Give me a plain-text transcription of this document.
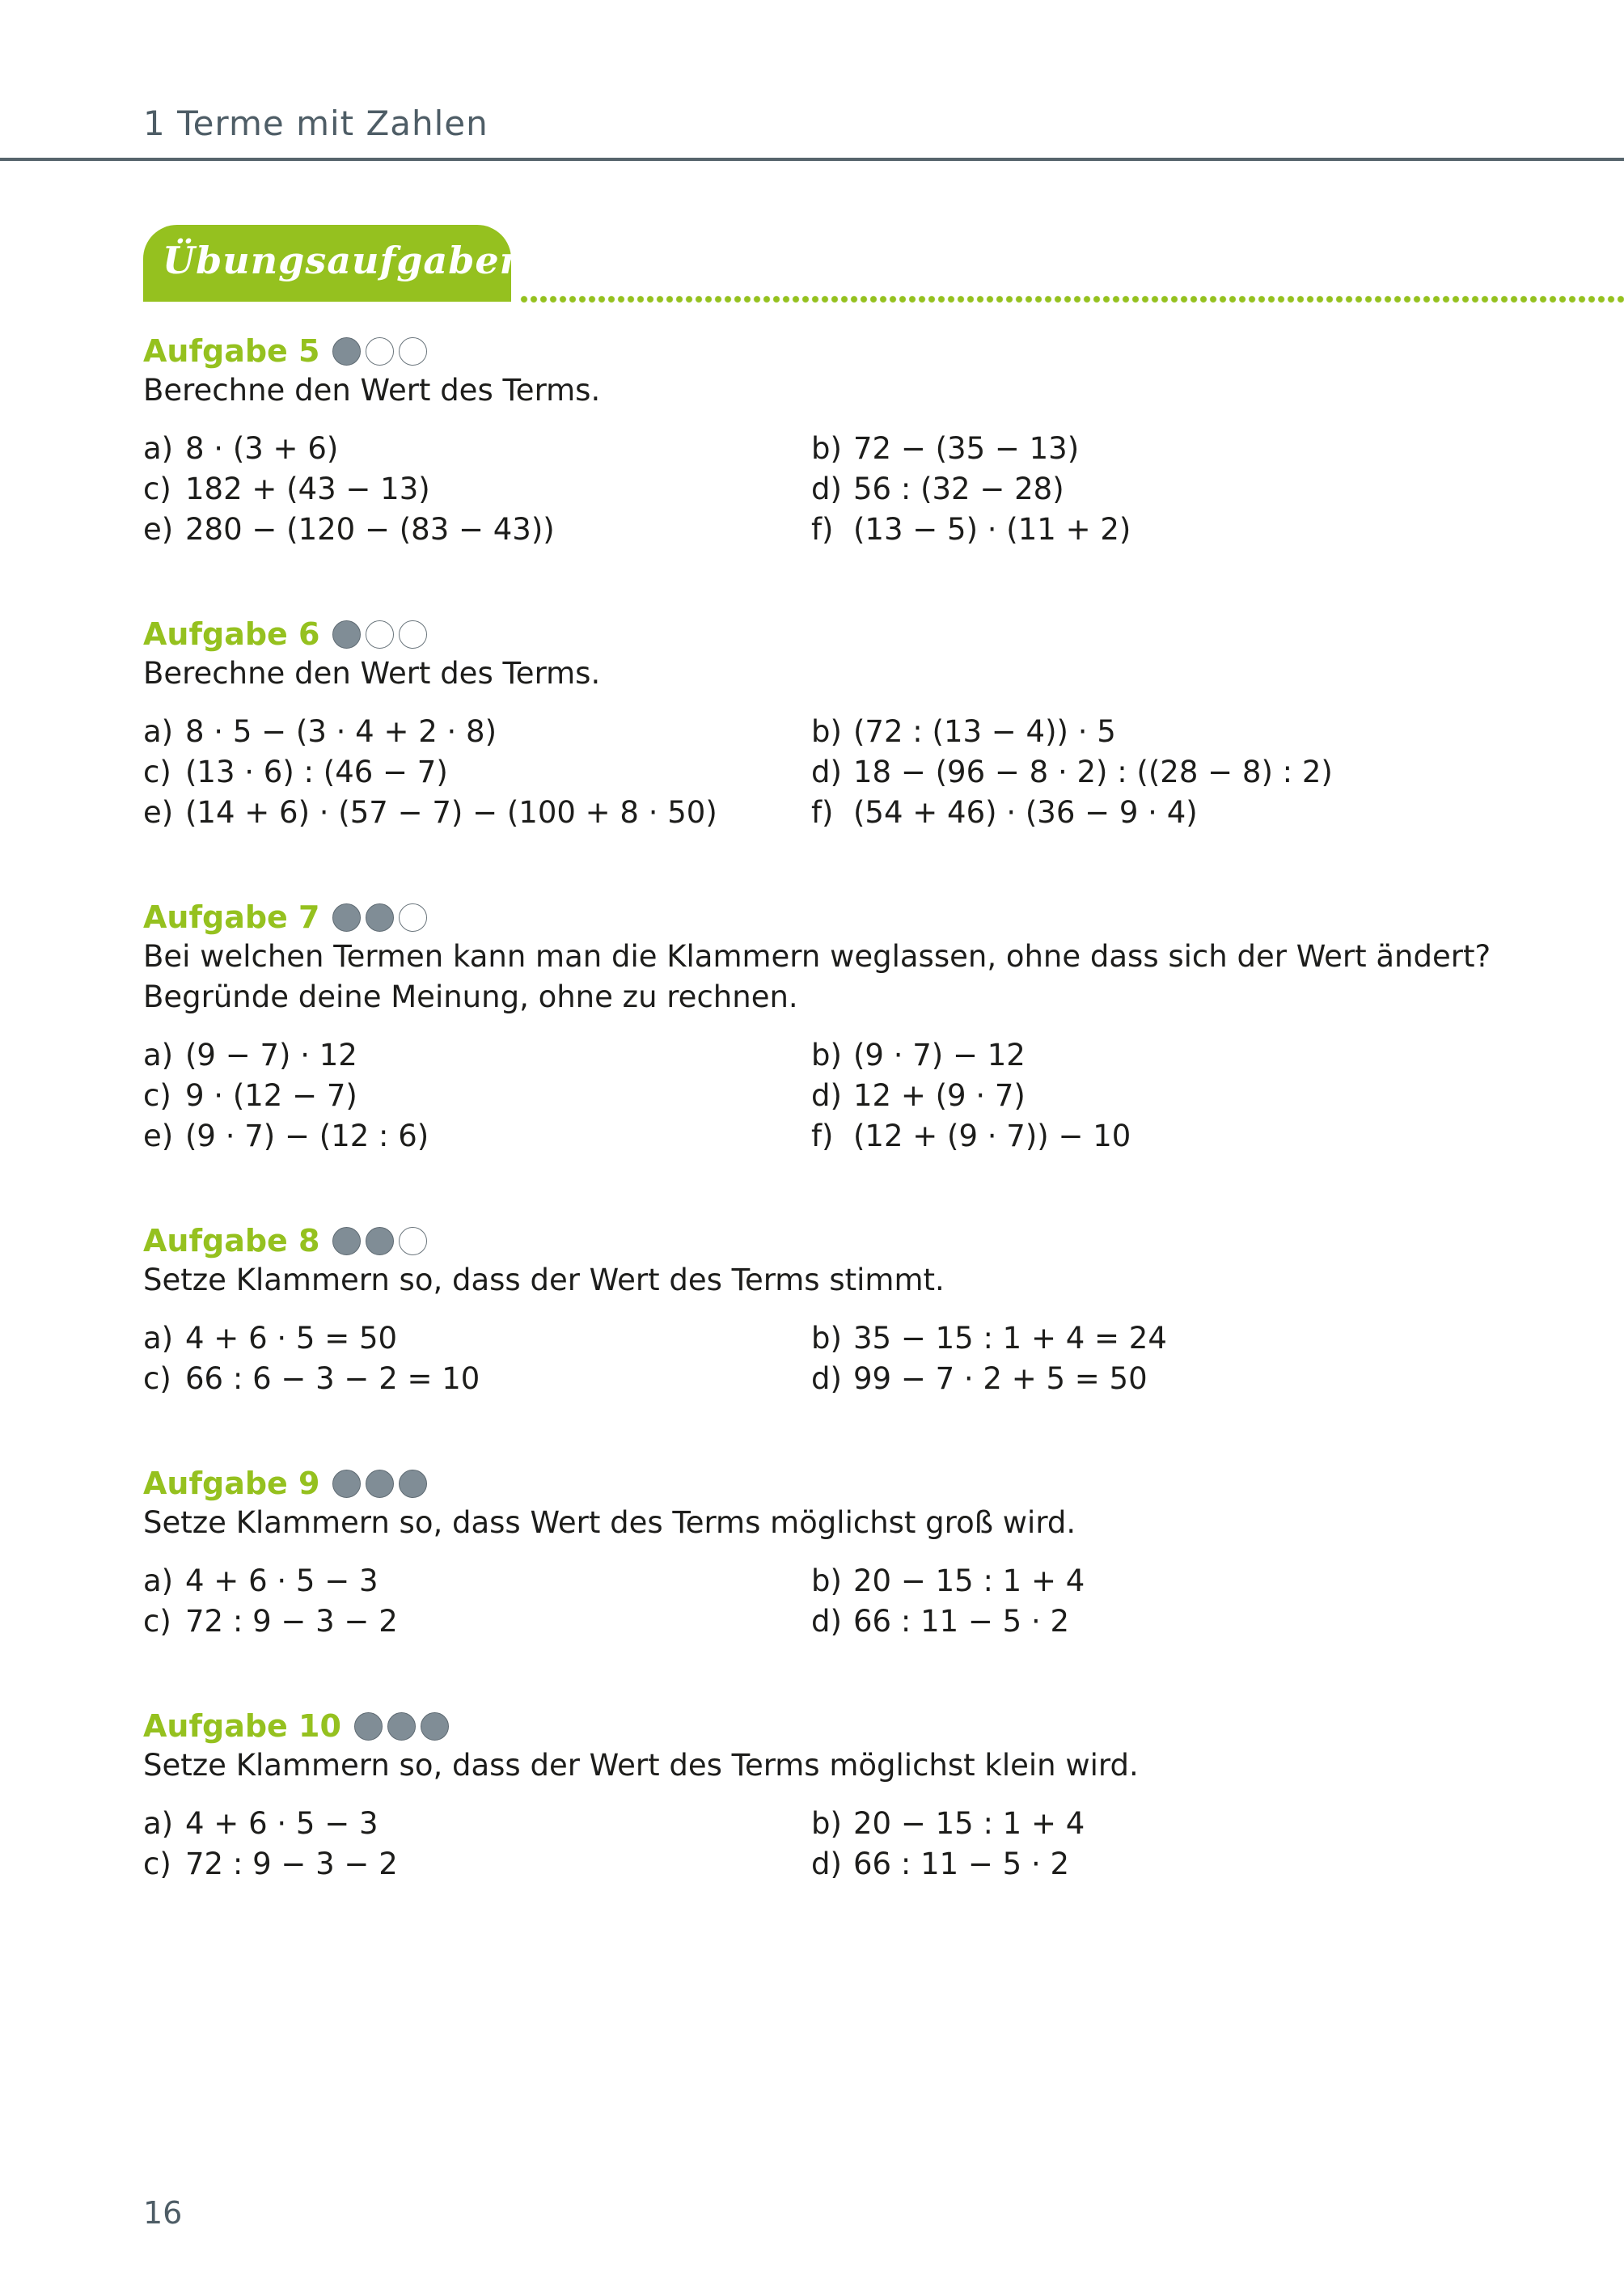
1 Terme mit Zahlen
Übungsaufgaben
Aufgabe 5
Berechne den Wert des Terms.
a) 8 · (3 + 6)	b) 72 − (35 − 13)
c) 182 + (43 − 13)	d) 56 : (32 − 28)
e) 280 − (120 − (83 − 43))	f) (13 − 5) · (11 + 2)
Aufgabe 6
Berechne den Wert des Terms.
a) 8 · 5 − (3 · 4 + 2 · 8)	b) (72 : (13 − 4)) · 5
c) (13 · 6) : (46 − 7)	d) 18 − (96 − 8 · 2) : ((28 − 8) : 2)
e) (14 + 6) · (57 − 7) − (100 + 8 · 50)	f) (54 + 46) · (36 − 9 · 4)
Aufgabe 7
Bei welchen Termen kann man die Klammern weglassen, ohne dass sich der Wert ändert?
Begründe deine Meinung, ohne zu rechnen.
a) (9 − 7) · 12	b) (9 · 7) − 12
c) 9 · (12 − 7)	d) 12 + (9 · 7)
e) (9 · 7) − (12 : 6)	f) (12 + (9 · 7)) − 10
Aufgabe 8
Setze Klammern so, dass der Wert des Terms stimmt.
a) 4 + 6 · 5 = 50	b) 35 − 15 : 1 + 4 = 24
c) 66 : 6 − 3 − 2 = 10	d) 99 − 7 · 2 + 5 = 50
Aufgabe 9
Setze Klammern so, dass Wert des Terms möglichst groß wird.
a) 4 + 6 · 5 − 3	b) 20 − 15 : 1 + 4
c) 72 : 9 − 3 − 2	d) 66 : 11 − 5 · 2
Aufgabe 10
Setze Klammern so, dass der Wert des Terms möglichst klein wird.
a) 4 + 6 · 5 − 3	b) 20 − 15 : 1 + 4
c) 72 : 9 − 3 − 2	d) 66 : 11 − 5 · 2
16
